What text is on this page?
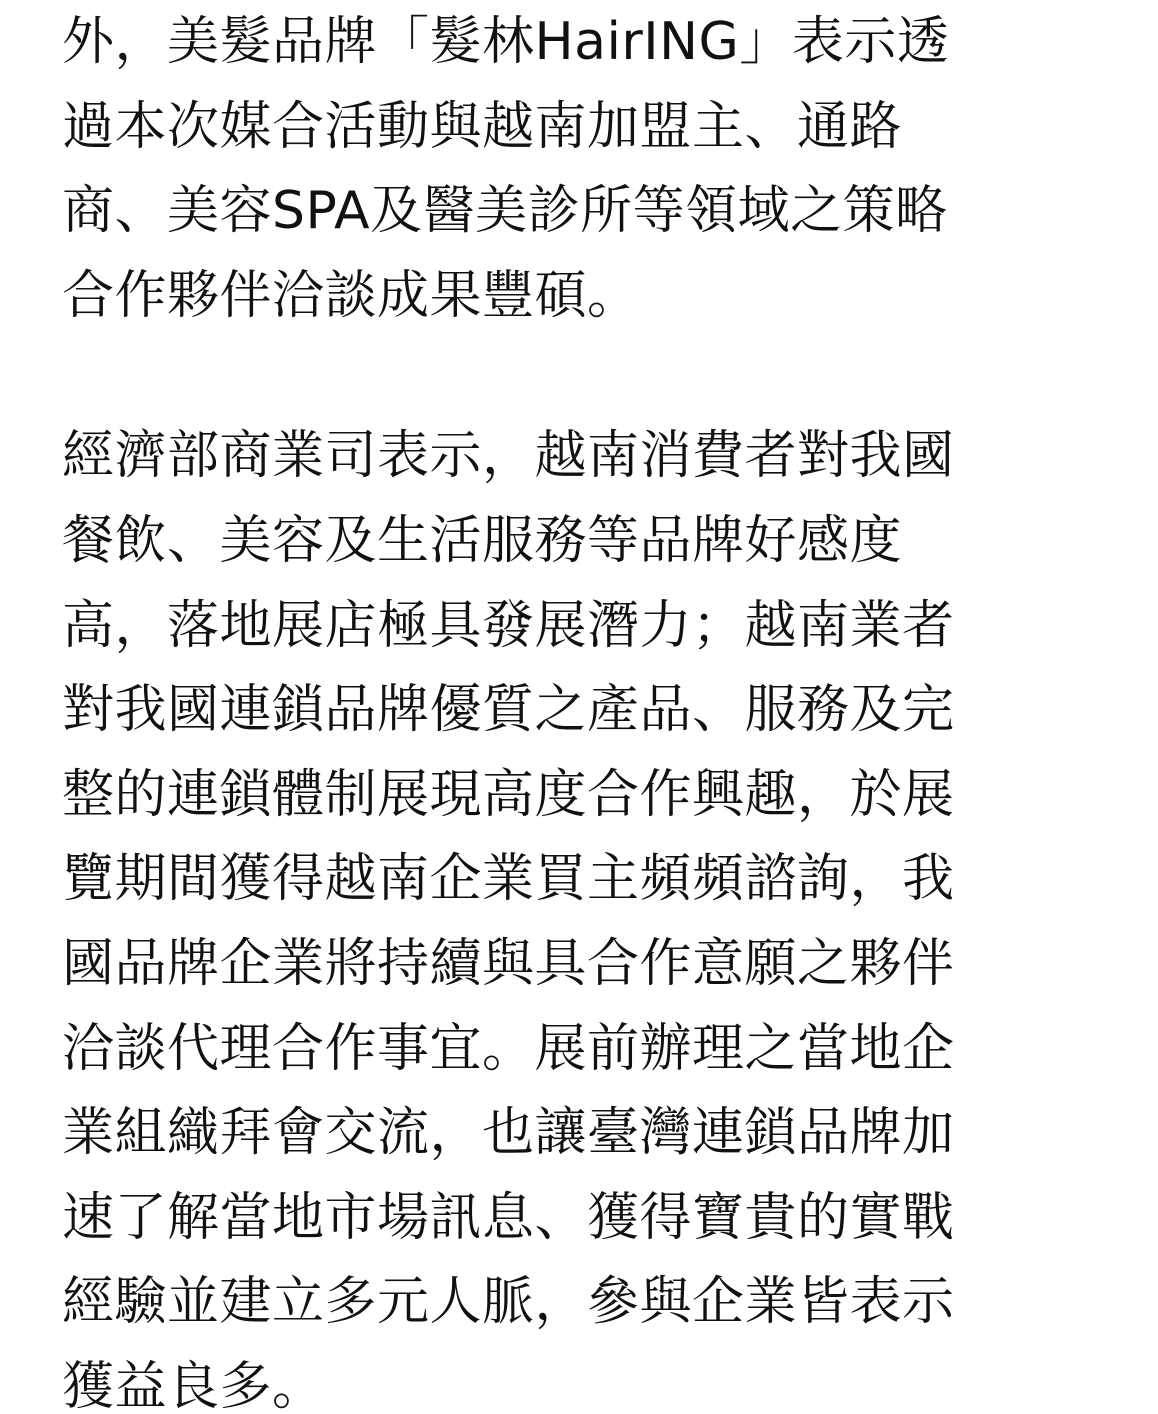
外，美髮品牌「髮林HairING」表示透
過本次媒合活動與越南加盟主、通路
商、美容SPA及醫美診所等領域之策略
合作夥伴洽談成果豐碩。

經濟部商業司表示，越南消費者對我國
餐飲、美容及生活服務等品牌好感度
高，落地展店極具發展潛力；越南業者
對我國連鎖品牌優質之產品、服務及完
整的連鎖體制展現高度合作興趣，於展
覽期間獲得越南企業買主頻頻諮詢，我
國品牌企業將持續與具合作意願之夥伴
洽談代理合作事宜。展前辦理之當地企
業組織拜會交流，也讓臺灣連鎖品牌加
速了解當地市場訊息、獲得寶貴的實戰
經驗並建立多元人脈，參與企業皆表示
獲益良多。
